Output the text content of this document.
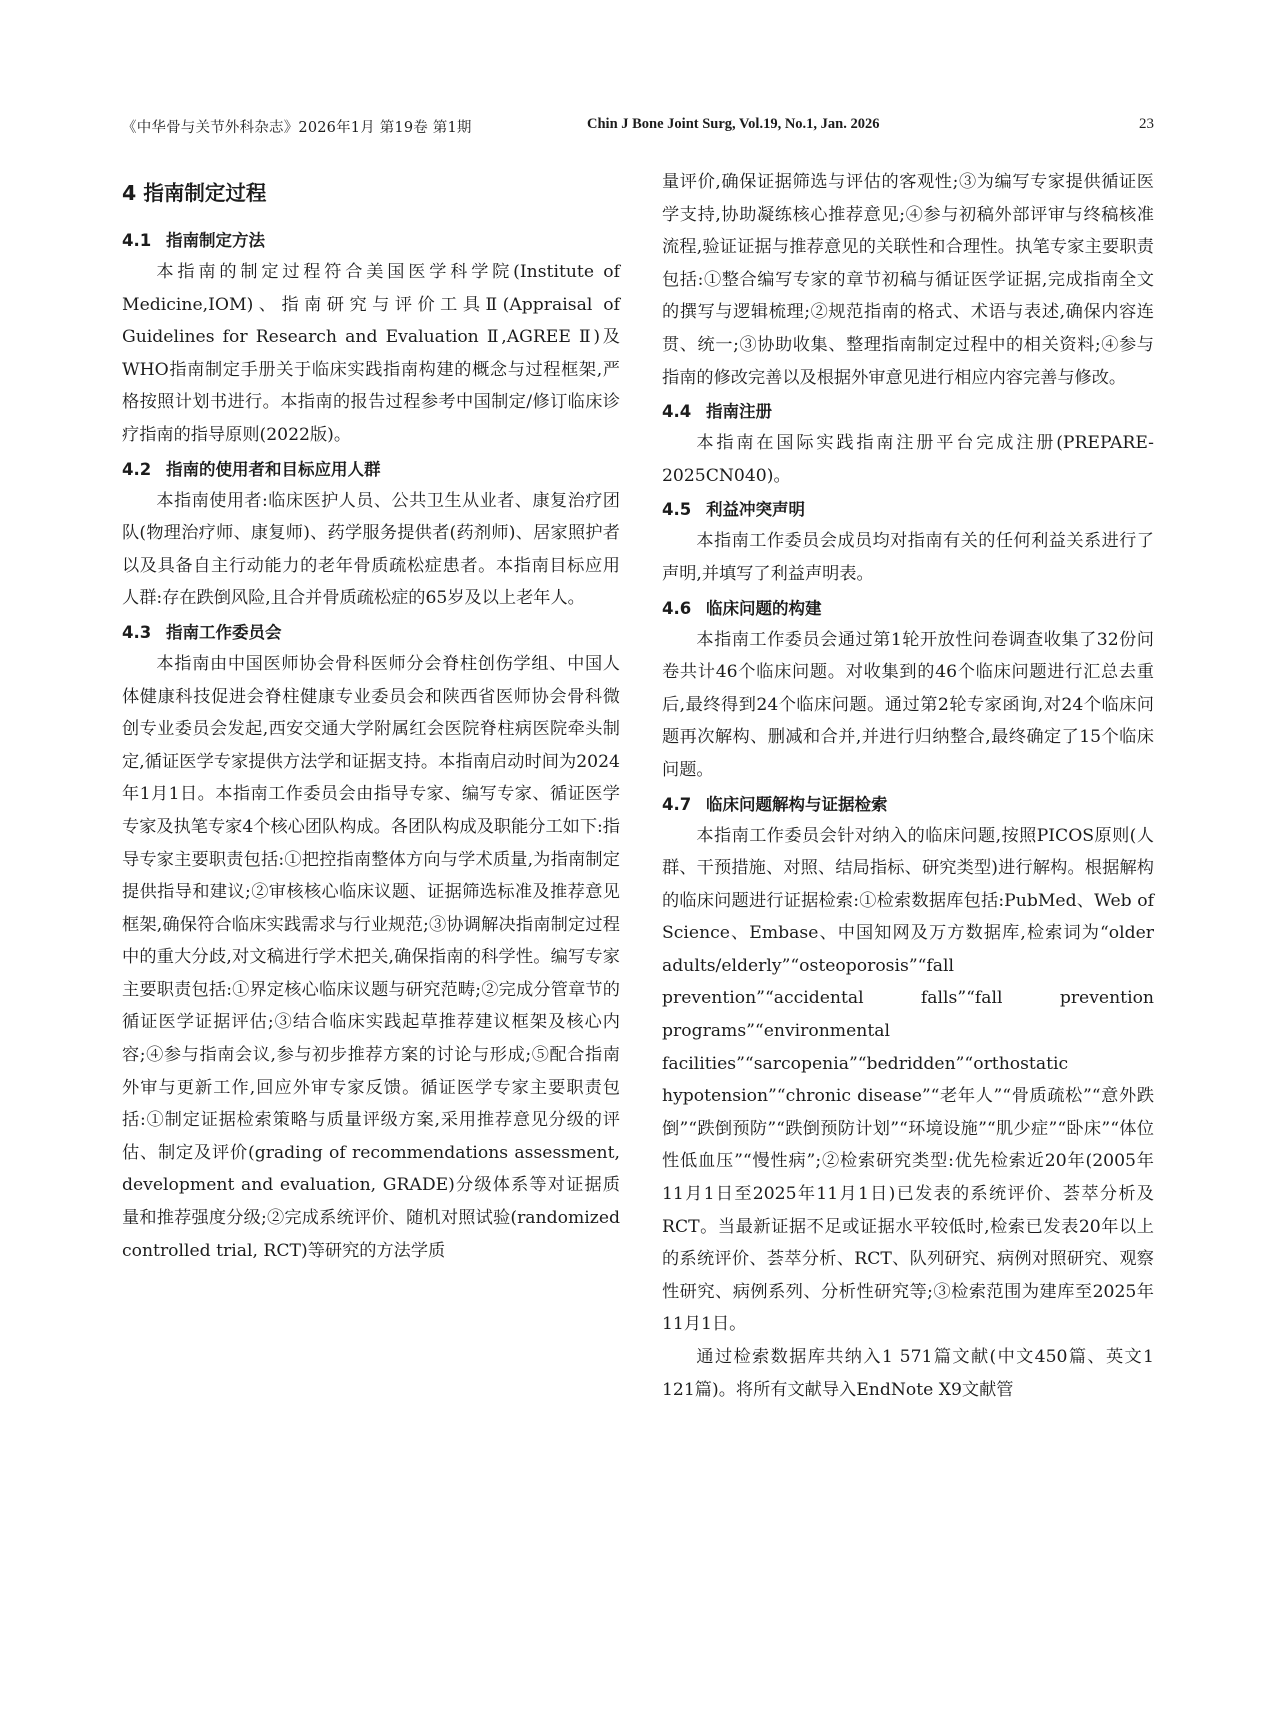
《中华骨与关节外科杂志》2026年1月 第19卷 第1期	Chin J Bone Joint Surg, Vol.19, No.1, Jan. 2026	23
4 指南制定过程
4.1 指南制定方法

本指南的制定过程符合美国医学科学院(Institute of Medicine,IOM)、指南研究与评价工具Ⅱ(Appraisal of Guidelines for Research and Evaluation Ⅱ,AGREE Ⅱ)及WHO指南制定手册关于临床实践指南构建的概念与过程框架,严格按照计划书进行。本指南的报告过程参考中国制定/修订临床诊疗指南的指导原则(2022版)。

4.2 指南的使用者和目标应用人群

本指南使用者:临床医护人员、公共卫生从业者、康复治疗团队(物理治疗师、康复师)、药学服务提供者(药剂师)、居家照护者以及具备自主行动能力的老年骨质疏松症患者。本指南目标应用人群:存在跌倒风险,且合并骨质疏松症的65岁及以上老年人。

4.3 指南工作委员会

本指南由中国医师协会骨科医师分会脊柱创伤学组、中国人体健康科技促进会脊柱健康专业委员会和陕西省医师协会骨科微创专业委员会发起,西安交通大学附属红会医院脊柱病医院牵头制定,循证医学专家提供方法学和证据支持。本指南启动时间为2024年1月1日。本指南工作委员会由指导专家、编写专家、循证医学专家及执笔专家4个核心团队构成。各团队构成及职能分工如下:指导专家主要职责包括:①把控指南整体方向与学术质量,为指南制定提供指导和建议;②审核核心临床议题、证据筛选标准及推荐意见框架,确保符合临床实践需求与行业规范;③协调解决指南制定过程中的重大分歧,对文稿进行学术把关,确保指南的科学性。编写专家主要职责包括:①界定核心临床议题与研究范畴;②完成分管章节的循证医学证据评估;③结合临床实践起草推荐建议框架及核心内容;④参与指南会议,参与初步推荐方案的讨论与形成;⑤配合指南外审与更新工作,回应外审专家反馈。循证医学专家主要职责包括:①制定证据检索策略与质量评级方案,采用推荐意见分级的评估、制定及评价(grading of recommendations assessment, development and evaluation, GRADE)分级体系等对证据质量和推荐强度分级;②完成系统评价、随机对照试验(randomized controlled trial, RCT)等研究的方法学质

量评价,确保证据筛选与评估的客观性;③为编写专家提供循证医学支持,协助凝练核心推荐意见;④参与初稿外部评审与终稿核准流程,验证证据与推荐意见的关联性和合理性。执笔专家主要职责包括:①整合编写专家的章节初稿与循证医学证据,完成指南全文的撰写与逻辑梳理;②规范指南的格式、术语与表述,确保内容连贯、统一;③协助收集、整理指南制定过程中的相关资料;④参与指南的修改完善以及根据外审意见进行相应内容完善与修改。

4.4 指南注册

本指南在国际实践指南注册平台完成注册(PREPARE-2025CN040)。

4.5 利益冲突声明

本指南工作委员会成员均对指南有关的任何利益关系进行了声明,并填写了利益声明表。

4.6 临床问题的构建

本指南工作委员会通过第1轮开放性问卷调查收集了32份问卷共计46个临床问题。对收集到的46个临床问题进行汇总去重后,最终得到24个临床问题。通过第2轮专家函询,对24个临床问题再次解构、删减和合并,并进行归纳整合,最终确定了15个临床问题。

4.7 临床问题解构与证据检索

本指南工作委员会针对纳入的临床问题,按照PICOS原则(人群、干预措施、对照、结局指标、研究类型)进行解构。根据解构的临床问题进行证据检索:①检索数据库包括:PubMed、Web of Science、Embase、中国知网及万方数据库,检索词为“older adults/elderly”“osteoporosis”“fall prevention”“accidental falls”“fall prevention programs”“environmental facilities”“sarcopenia”“bedridden”“orthostatic hypotension”“chronic disease”“老年人”“骨质疏松”“意外跌倒”“跌倒预防”“跌倒预防计划”“环境设施”“肌少症”“卧床”“体位性低血压”“慢性病”;②检索研究类型:优先检索近20年(2005年11月1日至2025年11月1日)已发表的系统评价、荟萃分析及RCT。当最新证据不足或证据水平较低时,检索已发表20年以上的系统评价、荟萃分析、RCT、队列研究、病例对照研究、观察性研究、病例系列、分析性研究等;③检索范围为建库至2025年11月1日。

通过检索数据库共纳入1 571篇文献(中文450篇、英文1 121篇)。将所有文献导入EndNote X9文献管
